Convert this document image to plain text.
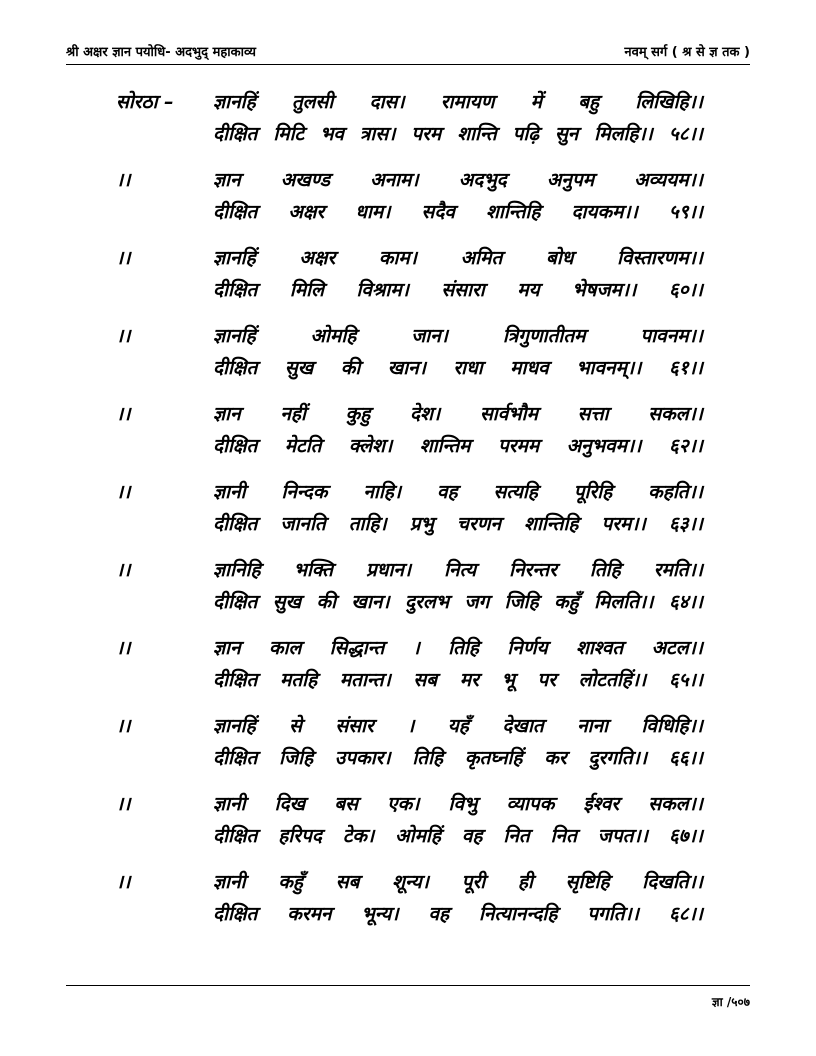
श्री अक्षर ज्ञान पयोधि- अदभुद् महाकाव्य	नवम् सर्ग ( श्र से ज्ञ तक )
सोरठा – ज्ञानहिं तुलसी दास। रामायण में बहु लिखिहि।।
दीक्षित मिटि भव त्रास। परम शान्ति पढ़ि सुन मिलहि।। ५८।।
।।	ज्ञान अखण्ड अनाम। अदभुद अनुपम अव्ययम।।
दीक्षित अक्षर धाम। सदैव शान्तिहि दायकम।। ५९।।
।।	ज्ञानहिं अक्षर काम। अमित बोध विस्तारणम।।
दीक्षित मिलि विश्राम। संसारा मय भेषजम।। ६०।।
।।	ज्ञानहिं ओमहि जान। त्रिगुणातीतम पावनम।।
दीक्षित सुख की खान। राधा माधव भावनम्।। ६१।।
।।	ज्ञान नहीं कुहु देश। सार्वभौम सत्ता सकल।।
दीक्षित मेटति क्लेश। शान्तिम परमम अनुभवम।। ६२।।
।।	ज्ञानी निन्दक नाहि। वह सत्यहि पूरिहि कहति।।
दीक्षित जानति ताहि। प्रभु चरणन शान्तिहि परम।। ६३।।
।।	ज्ञानिहि भक्ति प्रधान। नित्य निरन्तर तिहि रमति।।
दीक्षित सुख की खान। दुरलभ जग जिहि कहुँ मिलति।। ६४।।
।।	ज्ञान काल सिद्धान्त । तिहि निर्णय शाश्वत अटल।।
दीक्षित मतहि मतान्त। सब मर भू पर लोटतहिं।। ६५।।
।।	ज्ञानहिं से संसार । यहँ देखात नाना विधिहि।।
दीक्षित जिहि उपकार। तिहि कृतघ्नहिं कर दुरगति।। ६६।।
।।	ज्ञानी दिख बस एक। विभु व्यापक ईश्वर सकल।।
दीक्षित हरिपद टेक। ओमहिं वह नित नित जपत।। ६७।।
।।	ज्ञानी कहुँ सब शून्य। पूरी ही सृष्टिहि दिखति।।
दीक्षित करमन भून्य। वह नित्यानन्दहि पगति।। ६८।।
ज्ञा /५०७
